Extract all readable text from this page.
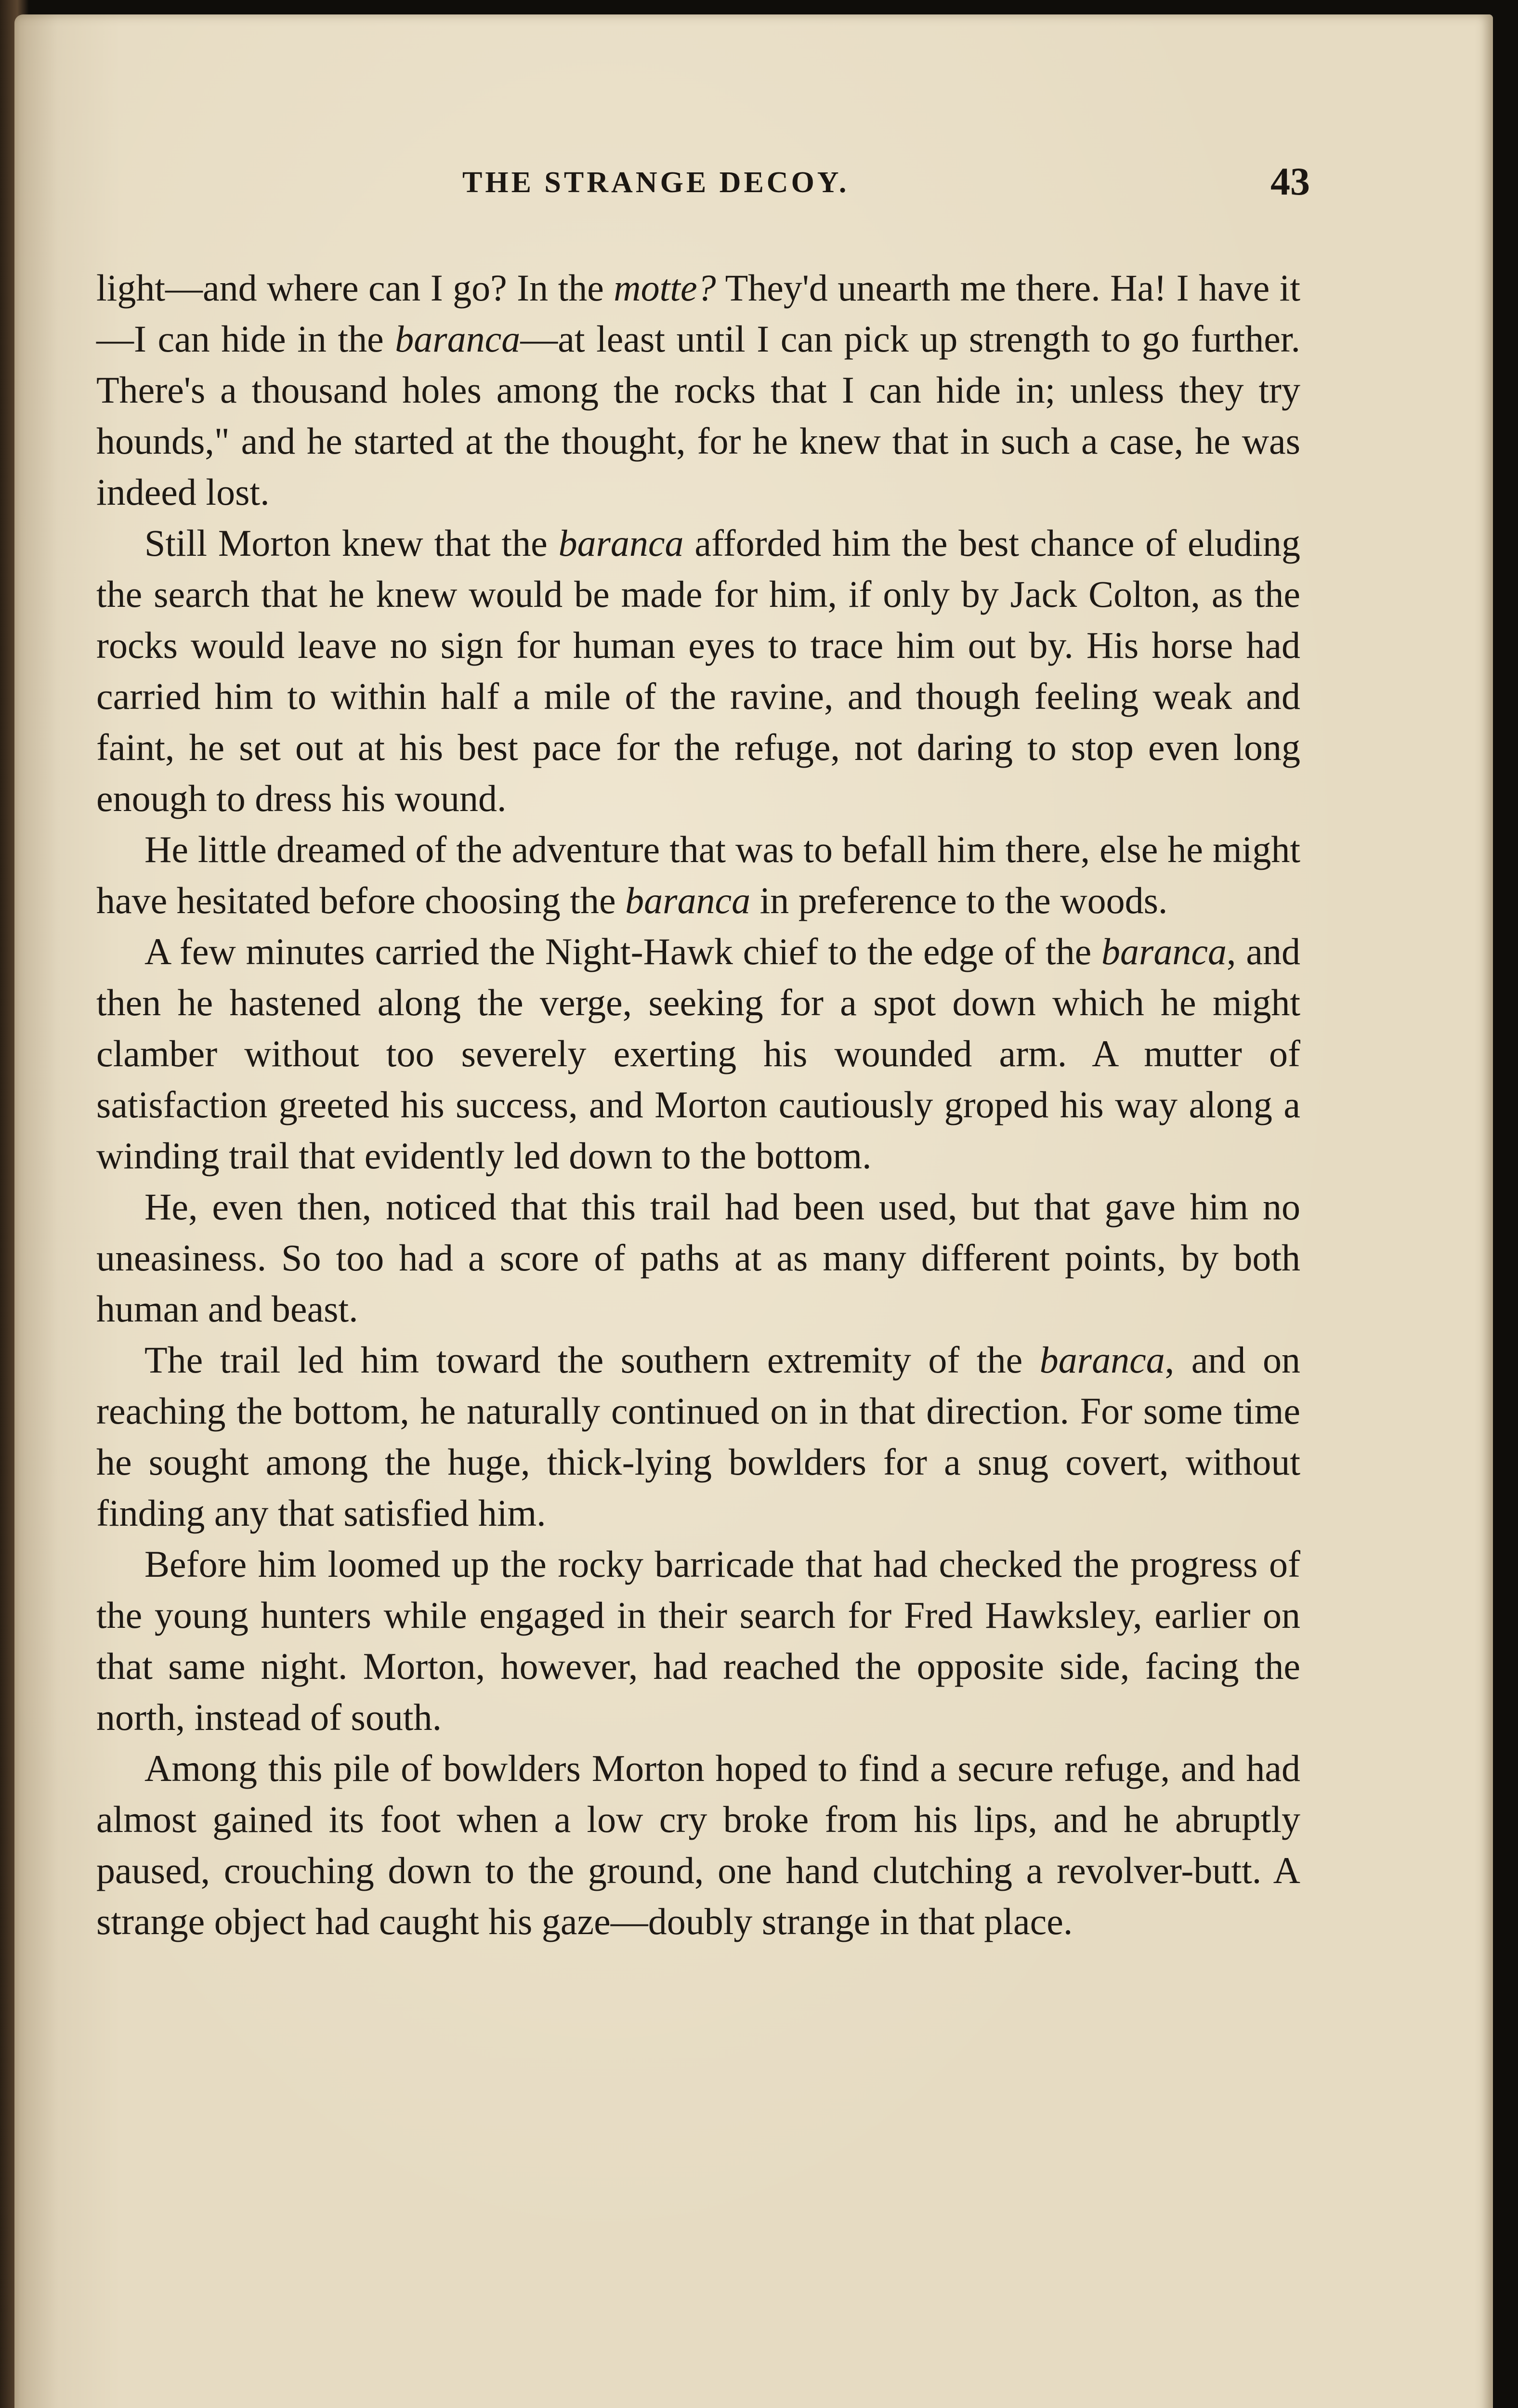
THE STRANGE DECOY.	43

light—and where can I go? In the motte? They'd unearth me there. Ha! I have it—I can hide in the baranca—at least until I can pick up strength to go further. There's a thousand holes among the rocks that I can hide in; unless they try hounds," and he started at the thought, for he knew that in such a case, he was indeed lost.

Still Morton knew that the baranca afforded him the best chance of eluding the search that he knew would be made for him, if only by Jack Colton, as the rocks would leave no sign for human eyes to trace him out by. His horse had carried him to within half a mile of the ravine, and though feeling weak and faint, he set out at his best pace for the refuge, not daring to stop even long enough to dress his wound.

He little dreamed of the adventure that was to befall him there, else he might have hesitated before choosing the baranca in preference to the woods.

A few minutes carried the Night-Hawk chief to the edge of the baranca, and then he hastened along the verge, seeking for a spot down which he might clamber without too severely exerting his wounded arm. A mutter of satisfaction greeted his success, and Morton cautiously groped his way along a winding trail that evidently led down to the bottom.

He, even then, noticed that this trail had been used, but that gave him no uneasiness. So too had a score of paths at as many different points, by both human and beast.

The trail led him toward the southern extremity of the baranca, and on reaching the bottom, he naturally continued on in that direction. For some time he sought among the huge, thick-lying bowlders for a snug covert, without finding any that satisfied him.

Before him loomed up the rocky barricade that had checked the progress of the young hunters while engaged in their search for Fred Hawksley, earlier on that same night. Morton, however, had reached the opposite side, facing the north, instead of south.

Among this pile of bowlders Morton hoped to find a secure refuge, and had almost gained its foot when a low cry broke from his lips, and he abruptly paused, crouching down to the ground, one hand clutching a revolver-butt. A strange object had caught his gaze—doubly strange in that place.
